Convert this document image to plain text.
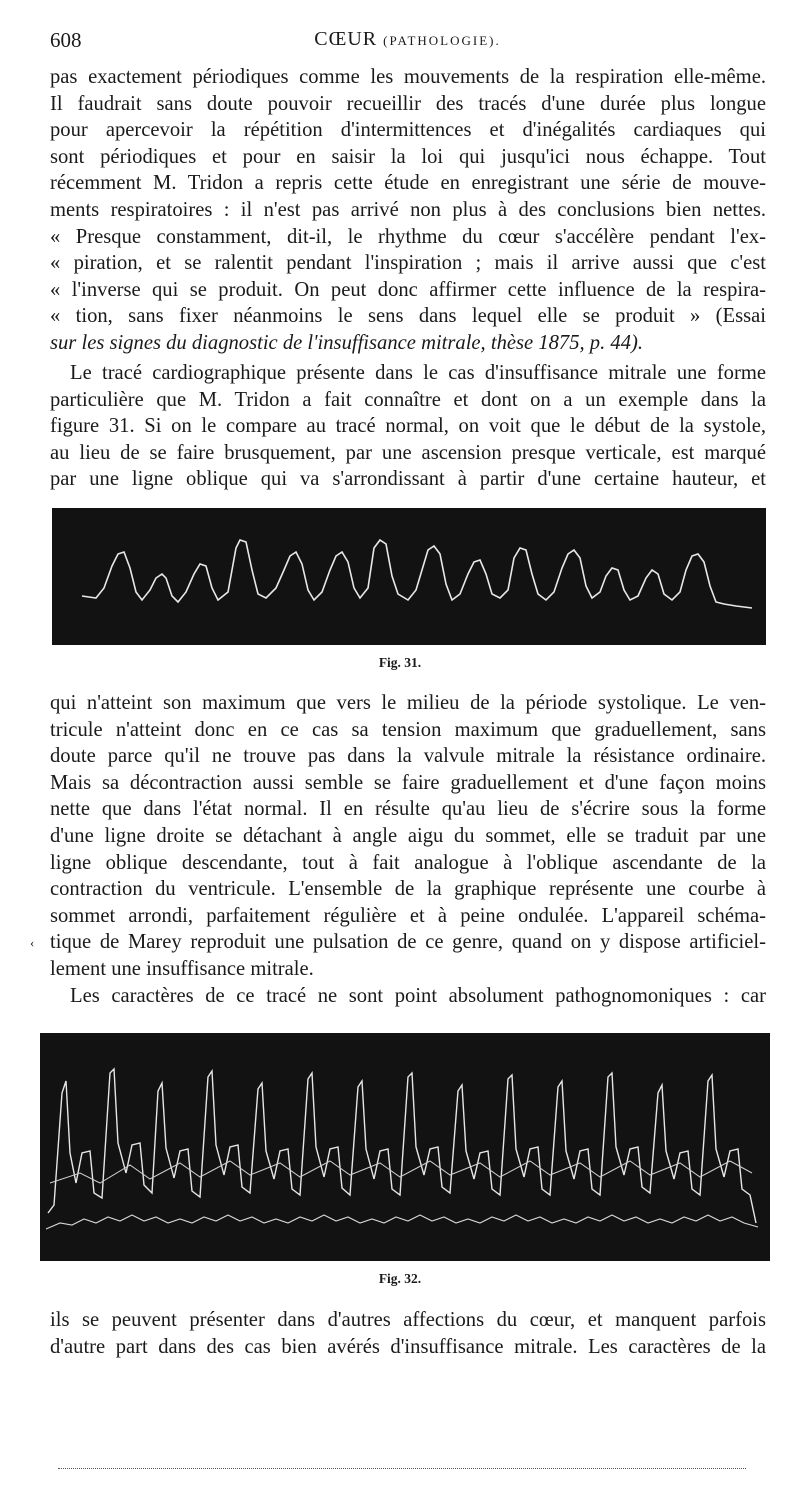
608	CŒUR (PATHOLOGIE).
pas exactement périodiques comme les mouvements de la respiration elle-même.
Il faudrait sans doute pouvoir recueillir des tracés d'une durée plus longue
pour apercevoir la répétition d'intermittences et d'inégalités cardiaques qui
sont périodiques et pour en saisir la loi qui jusqu'ici nous échappe. Tout
récemment M. Tridon a repris cette étude en enregistrant une série de mouve-
ments respiratoires : il n'est pas arrivé non plus à des conclusions bien nettes.
« Presque constamment, dit-il, le rhythme du cœur s'accélère pendant l'ex-
« piration, et se ralentit pendant l'inspiration ; mais il arrive aussi que c'est
« l'inverse qui se produit. On peut donc affirmer cette influence de la respira-
« tion, sans fixer néanmoins le sens dans lequel elle se produit » (Essai
sur les signes du diagnostic de l'insuffisance mitrale, thèse 1875, p. 44).
Le tracé cardiographique présente dans le cas d'insuffisance mitrale une forme
particulière que M. Tridon a fait connaître et dont on a un exemple dans la
figure 31. Si on le compare au tracé normal, on voit que le début de la systole,
au lieu de se faire brusquement, par une ascension presque verticale, est marqué
par une ligne oblique qui va s'arrondissant à partir d'une certaine hauteur, et
Fig. 31.
qui n'atteint son maximum que vers le milieu de la période systolique. Le ven-
tricule n'atteint donc en ce cas sa tension maximum que graduellement, sans
doute parce qu'il ne trouve pas dans la valvule mitrale la résistance ordinaire.
Mais sa décontraction aussi semble se faire graduellement et d'une façon moins
nette que dans l'état normal. Il en résulte qu'au lieu de s'écrire sous la forme
d'une ligne droite se détachant à angle aigu du sommet, elle se traduit par une
ligne oblique descendante, tout à fait analogue à l'oblique ascendante de la
contraction du ventricule. L'ensemble de la graphique représente une courbe à
sommet arrondi, parfaitement régulière et à peine ondulée. L'appareil schéma-
tique de Marey reproduit une pulsation de ce genre, quand on y dispose artificiel-
lement une insuffisance mitrale.
‹
Les caractères de ce tracé ne sont point absolument pathognomoniques : car
Fig. 32.
ils se peuvent présenter dans d'autres affections du cœur, et manquent parfois
d'autre part dans des cas bien avérés d'insuffisance mitrale. Les caractères de la
